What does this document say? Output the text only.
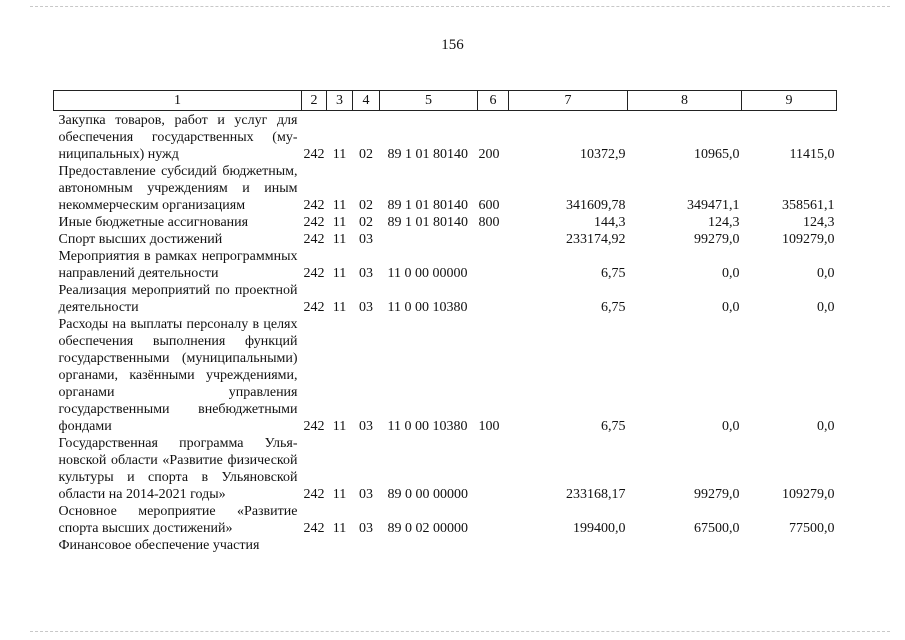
156
1	2	3	4	5	6	7	8	9
Закупка товаров, работ и услуг для обеспечения государственных (муниципальных) нужд	242	11	02	89 1 01 80140	200	10372,9	10965,0	11415,0
Предоставление субсидий бюджетным, автономным учреждениям и иным некоммерческим организациям	242	11	02	89 1 01 80140	600	341609,78	349471,1	358561,1
Иные бюджетные ассигнования	242	11	02	89 1 01 80140	800	144,3	124,3	124,3
Спорт высших достижений	242	11	03			233174,92	99279,0	109279,0
Мероприятия в рамках непрограммных направлений деятельности	242	11	03	11 0 00 00000		6,75	0,0	0,0
Реализация мероприятий по проектной деятельности	242	11	03	11 0 00 10380		6,75	0,0	0,0
Расходы на выплаты персоналу в целях обеспечения выполнения функций государственными (муниципальными) органами, казёнными учреждениями, органами управления государственными внебюджетными фондами	242	11	03	11 0 00 10380	100	6,75	0,0	0,0
Государственная программа Ульяновской области «Развитие физической культуры и спорта в Ульяновской области на 2014-2021 годы»	242	11	03	89 0 00 00000		233168,17	99279,0	109279,0
Основное мероприятие «Развитие спорта высших достижений»	242	11	03	89 0 02 00000		199400,0	67500,0	77500,0
Финансовое обеспечение участия								
